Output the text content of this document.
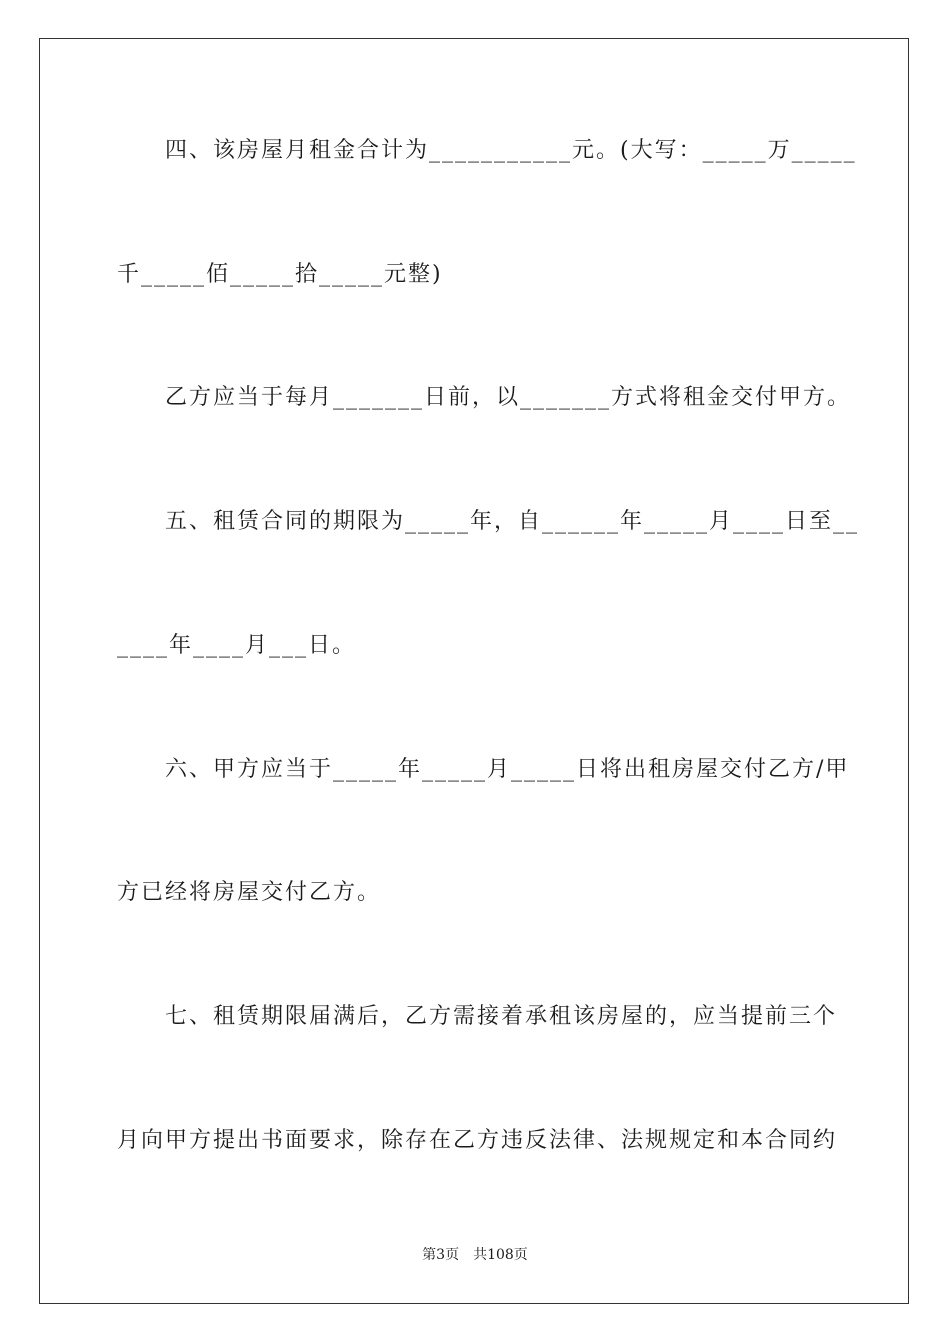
　　四、该房屋月租金合计为___________元。(大写：_____万_____
千_____佰_____拾_____元整)
　　乙方应当于每月_______日前，以_______方式将租金交付甲方。
　　五、租赁合同的期限为_____年，自______年_____月____日至__
____年____月___日。
　　六、甲方应当于_____年_____月_____日将出租房屋交付乙方/甲
方已经将房屋交付乙方。
　　七、租赁期限届满后，乙方需接着承租该房屋的，应当提前三个
月向甲方提出书面要求，除存在乙方违反法律、法规规定和本合同约
第3页　共108页
